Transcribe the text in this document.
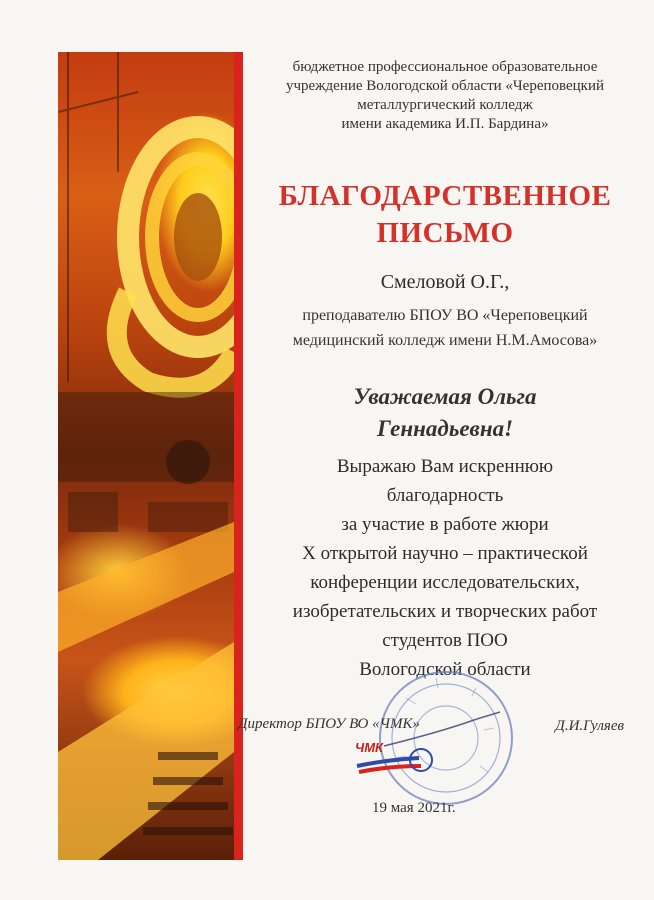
бюджетное профессиональное образовательное
учреждение Вологодской области «Череповецкий
металлургический колледж
имени академика И.П. Бардина»
БЛАГОДАРСТВЕННОЕ
ПИСЬМО
Смеловой О.Г.,
преподавателю БПОУ ВО «Череповецкий
медицинский колледж имени Н.М.Амосова»
Уважаемая Ольга
Геннадьевна!
Выражаю Вам искреннюю
благодарность
за участие в работе жюри
X открытой научно – практической
конференции исследовательских,
изобретательских и творческих работ
студентов ПОО
Вологодской области
Директор БПОУ ВО «ЧМК»	Д.И.Гуляев
ЧМК
19 мая 2021г.
